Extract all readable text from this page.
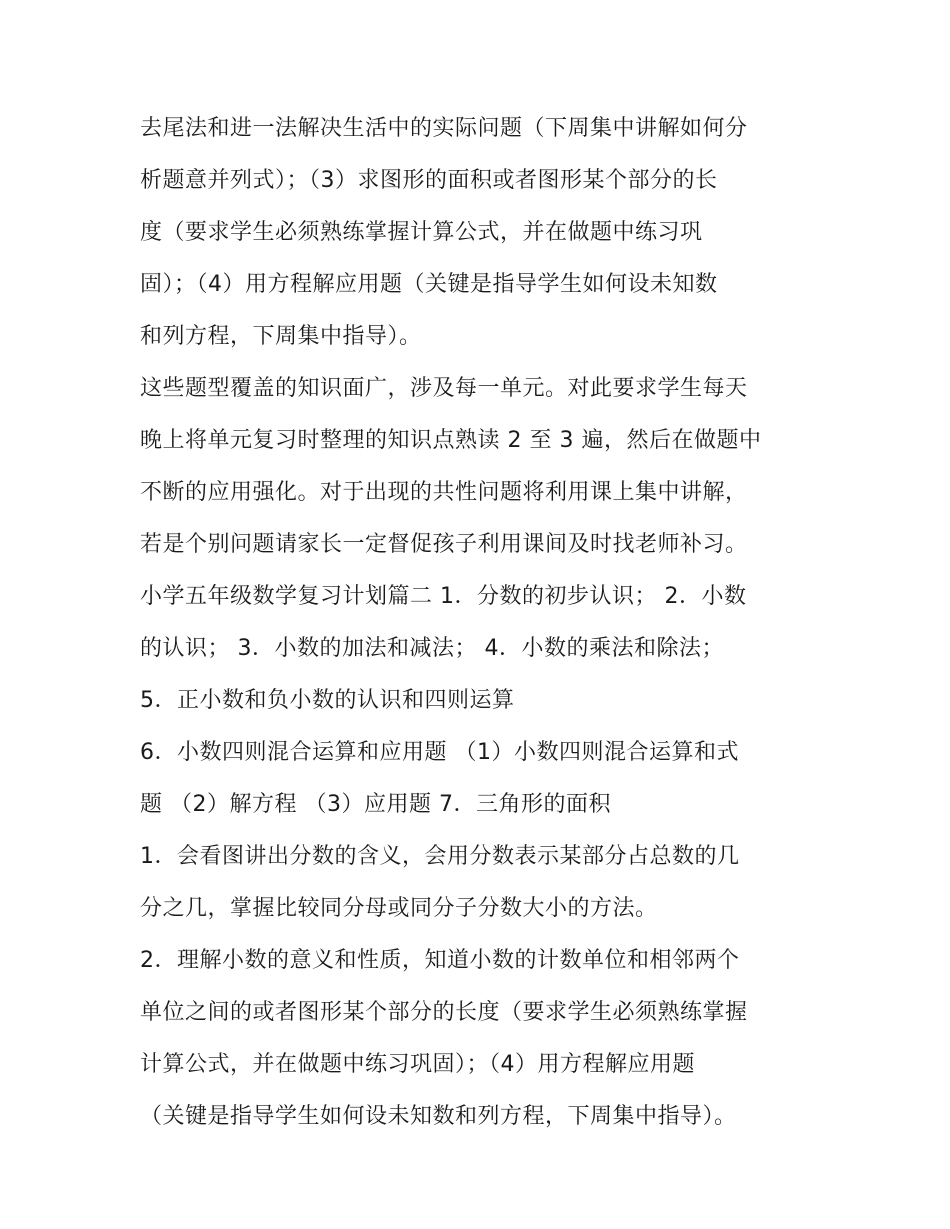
去尾法和进一法解决生活中的实际问题（下周集中讲解如何分
析题意并列式）；（3）求图形的面积或者图形某个部分的长
度（要求学生必须熟练掌握计算公式，并在做题中练习巩
固）；（4）用方程解应用题（关键是指导学生如何设未知数
和列方程，下周集中指导）。
这些题型覆盖的知识面广，涉及每一单元。对此要求学生每天
晚上将单元复习时整理的知识点熟读 2 至 3 遍，然后在做题中
不断的应用强化。对于出现的共性问题将利用课上集中讲解，
若是个别问题请家长一定督促孩子利用课间及时找老师补习。
小学五年级数学复习计划篇二 1．分数的初步认识； 2．小数
的认识； 3．小数的加法和减法； 4．小数的乘法和除法；
5．正小数和负小数的认识和四则运算
6．小数四则混合运算和应用题 （1）小数四则混合运算和式
题 （2）解方程 （3）应用题 7．三角形的面积
1．会看图讲出分数的含义，会用分数表示某部分占总数的几
分之几，掌握比较同分母或同分子分数大小的方法。
2．理解小数的意义和性质，知道小数的计数单位和相邻两个
单位之间的或者图形某个部分的长度（要求学生必须熟练掌握
计算公式，并在做题中练习巩固）；（4）用方程解应用题
（关键是指导学生如何设未知数和列方程，下周集中指导）。
